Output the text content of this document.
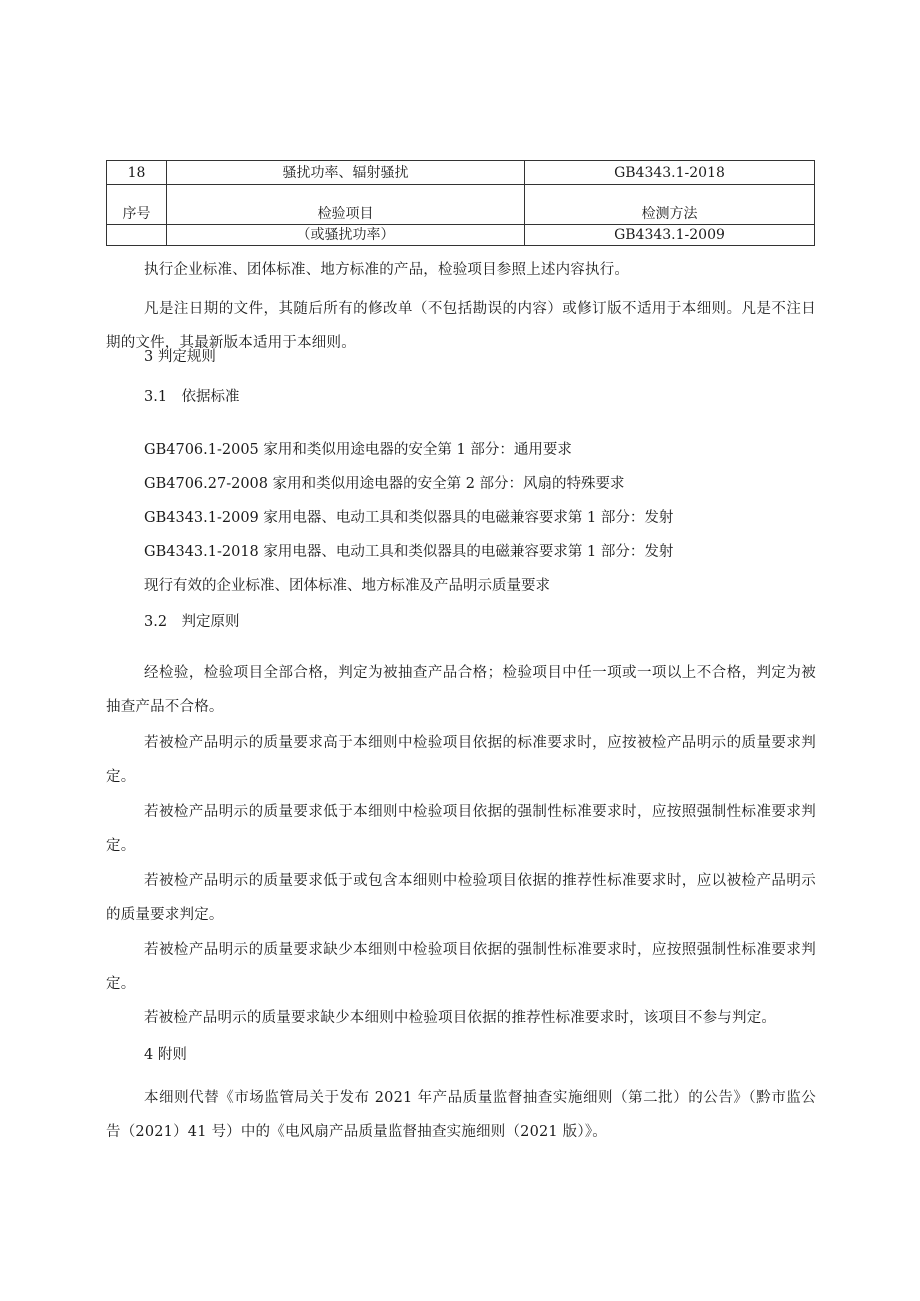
18	骚扰功率、辐射骚扰	GB4343.1-2018
序号	检验项目	检测方法
	（或骚扰功率）	GB4343.1-2009

执行企业标准、团体标准、地方标准的产品，检验项目参照上述内容执行。

凡是注日期的文件，其随后所有的修改单（不包括勘误的内容）或修订版不适用于本细则。凡是不注日期的文件，其最新版本适用于本细则。

3 判定规则
3.1　依据标准
GB4706.1-2005 家用和类似用途电器的安全第 1 部分：通用要求
GB4706.27-2008 家用和类似用途电器的安全第 2 部分：风扇的特殊要求
GB4343.1-2009 家用电器、电动工具和类似器具的电磁兼容要求第 1 部分：发射
GB4343.1-2018 家用电器、电动工具和类似器具的电磁兼容要求第 1 部分：发射
现行有效的企业标准、团体标准、地方标准及产品明示质量要求
3.2　判定原则

经检验，检验项目全部合格，判定为被抽查产品合格；检验项目中任一项或一项以上不合格，判定为被抽查产品不合格。

若被检产品明示的质量要求高于本细则中检验项目依据的标准要求时，应按被检产品明示的质量要求判定。

若被检产品明示的质量要求低于本细则中检验项目依据的强制性标准要求时，应按照强制性标准要求判定。

若被检产品明示的质量要求低于或包含本细则中检验项目依据的推荐性标准要求时，应以被检产品明示的质量要求判定。

若被检产品明示的质量要求缺少本细则中检验项目依据的强制性标准要求时，应按照强制性标准要求判定。

若被检产品明示的质量要求缺少本细则中检验项目依据的推荐性标准要求时，该项目不参与判定。

4 附则

本细则代替《市场监管局关于发布 2021 年产品质量监督抽查实施细则（第二批）的公告》（黔市监公告（2021）41 号）中的《电风扇产品质量监督抽查实施细则（2021 版）》。
